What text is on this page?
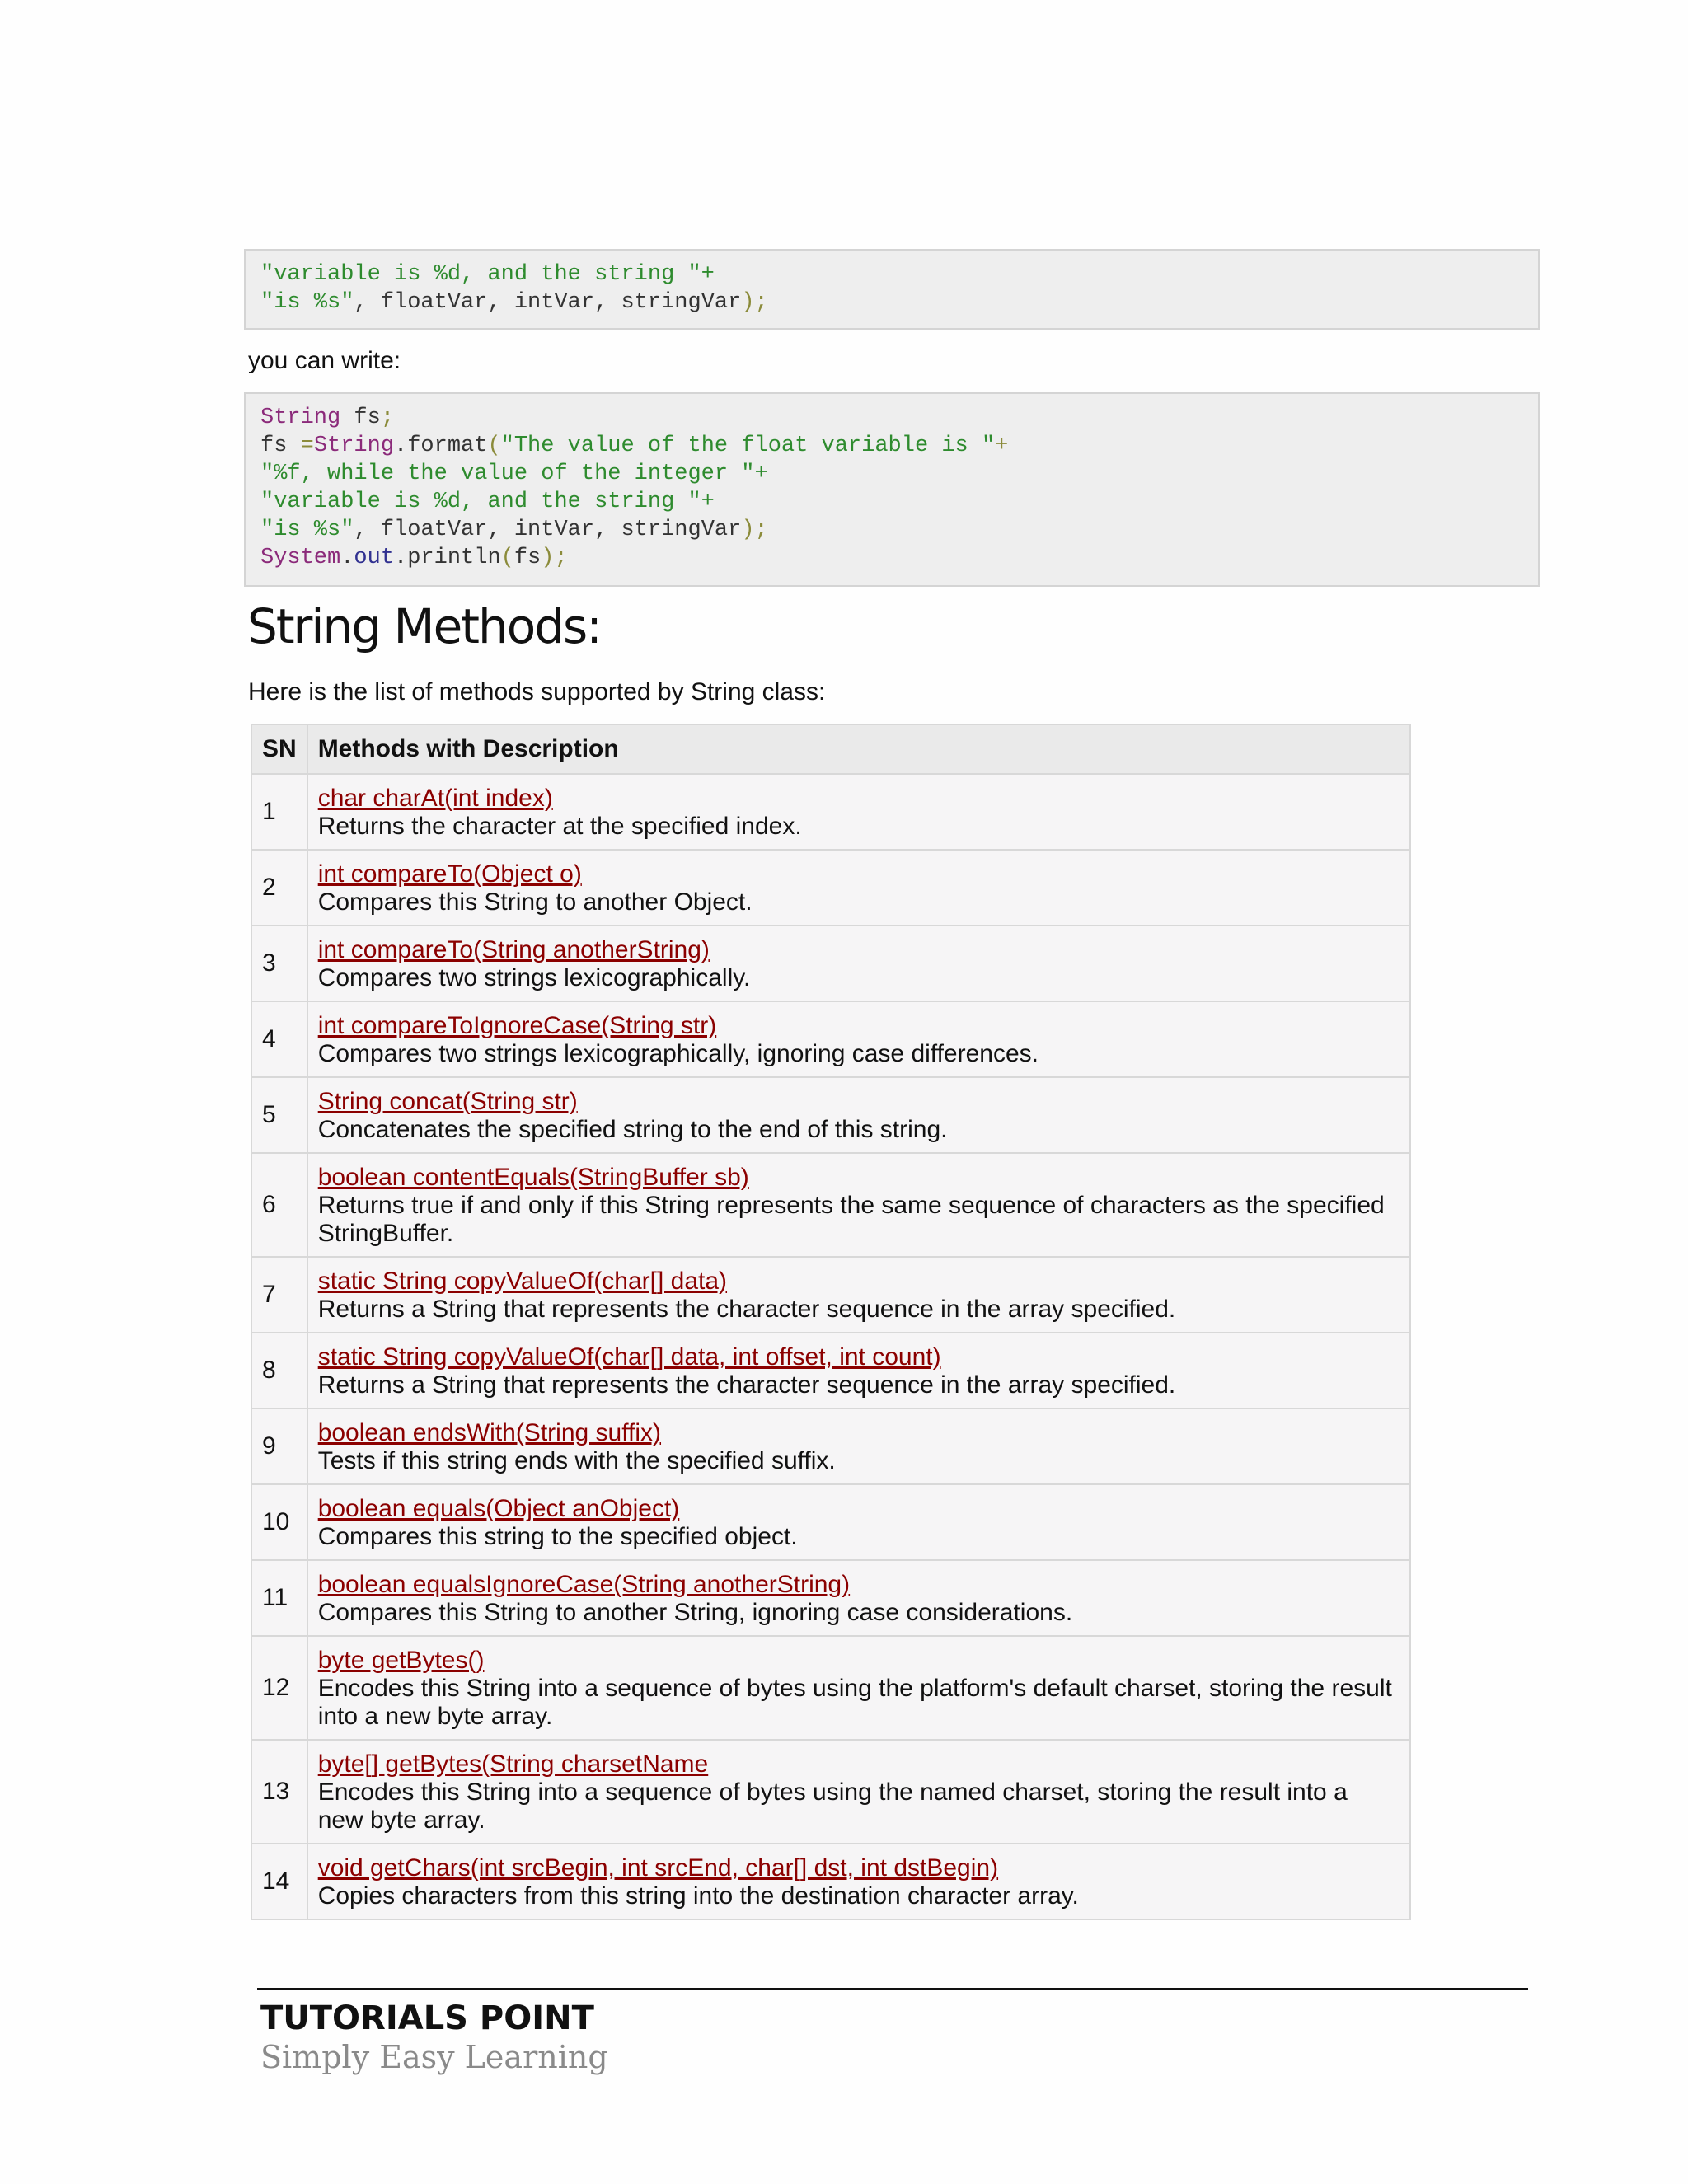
"variable is %d, and the string "+
"is %s", floatVar, intVar, stringVar);

you can write:

String fs;
fs =String.format("The value of the float variable is "+
"%f, while the value of the integer "+
"variable is %d, and the string "+
"is %s", floatVar, intVar, stringVar);
System.out.println(fs);
String Methods:

Here is the list of methods supported by String class:

SN	Methods with Description
1	char charAt(int index)
Returns the character at the specified index.
2	int compareTo(Object o)
Compares this String to another Object.
3	int compareTo(String anotherString)
Compares two strings lexicographically.
4	int compareToIgnoreCase(String str)
Compares two strings lexicographically, ignoring case differences.
5	String concat(String str)
Concatenates the specified string to the end of this string.
6	boolean contentEquals(StringBuffer sb)
Returns true if and only if this String represents the same sequence of characters as the specified StringBuffer.
7	static String copyValueOf(char[] data)
Returns a String that represents the character sequence in the array specified.
8	static String copyValueOf(char[] data, int offset, int count)
Returns a String that represents the character sequence in the array specified.
9	boolean endsWith(String suffix)
Tests if this string ends with the specified suffix.
10	boolean equals(Object anObject)
Compares this string to the specified object.
11	boolean equalsIgnoreCase(String anotherString)
Compares this String to another String, ignoring case considerations.
12	byte getBytes()
Encodes this String into a sequence of bytes using the platform's default charset, storing the result into a new byte array.
13	byte[] getBytes(String charsetName
Encodes this String into a sequence of bytes using the named charset, storing the result into a new byte array.
14	void getChars(int srcBegin, int srcEnd, char[] dst, int dstBegin)
Copies characters from this string into the destination character array.
TUTORIALS POINT
Simply Easy Learning
